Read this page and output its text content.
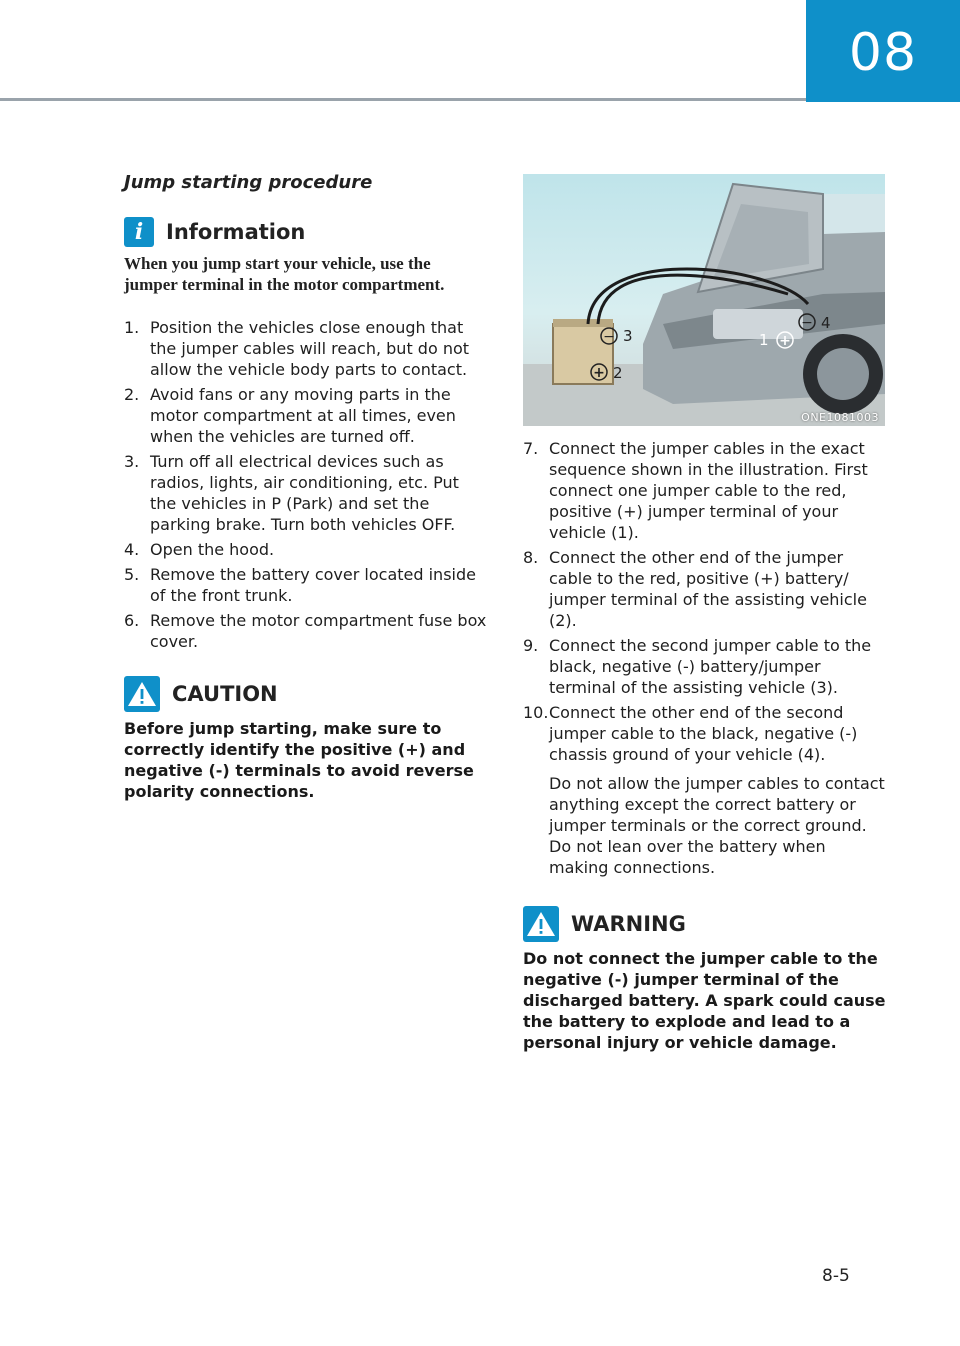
08
Jump starting procedure
i	Information

When you jump start your vehicle, use the jumper terminal in the motor compartment.

1. Position the vehicles close enough that the jumper cables will reach, but do not allow the vehicle body parts to contact.
2. Avoid fans or any moving parts in the motor compartment at all times, even when the vehicles are turned off.
3. Turn off all electrical devices such as radios, lights, air conditioning, etc. Put the vehicles in P (Park) and set the parking brake. Turn both vehicles OFF.
4. Open the hood.
5. Remove the battery cover located inside of the front trunk.
6. Remove the motor compartment fuse box cover.
CAUTION

Before jump starting, make sure to correctly identify the positive (+) and negative (-) terminals to avoid reverse polarity connections.

− 3
+ 2
1 +
− 4
ONE1081003
7. Connect the jumper cables in the exact sequence shown in the illustration. First connect one jumper cable to the red, positive (+) jumper terminal of your vehicle (1).
8. Connect the other end of the jumper cable to the red, positive (+) battery/ jumper terminal of the assisting vehicle (2).
9. Connect the second jumper cable to the black, negative (-) battery/jumper terminal of the assisting vehicle (3).
10. Connect the other end of the second jumper cable to the black, negative (-) chassis ground of your vehicle (4).

Do not allow the jumper cables to contact anything except the correct battery or jumper terminals or the correct ground. Do not lean over the battery when making connections.

WARNING

Do not connect the jumper cable to the negative (-) jumper terminal of the discharged battery. A spark could cause the battery to explode and lead to a personal injury or vehicle damage.

8-5
